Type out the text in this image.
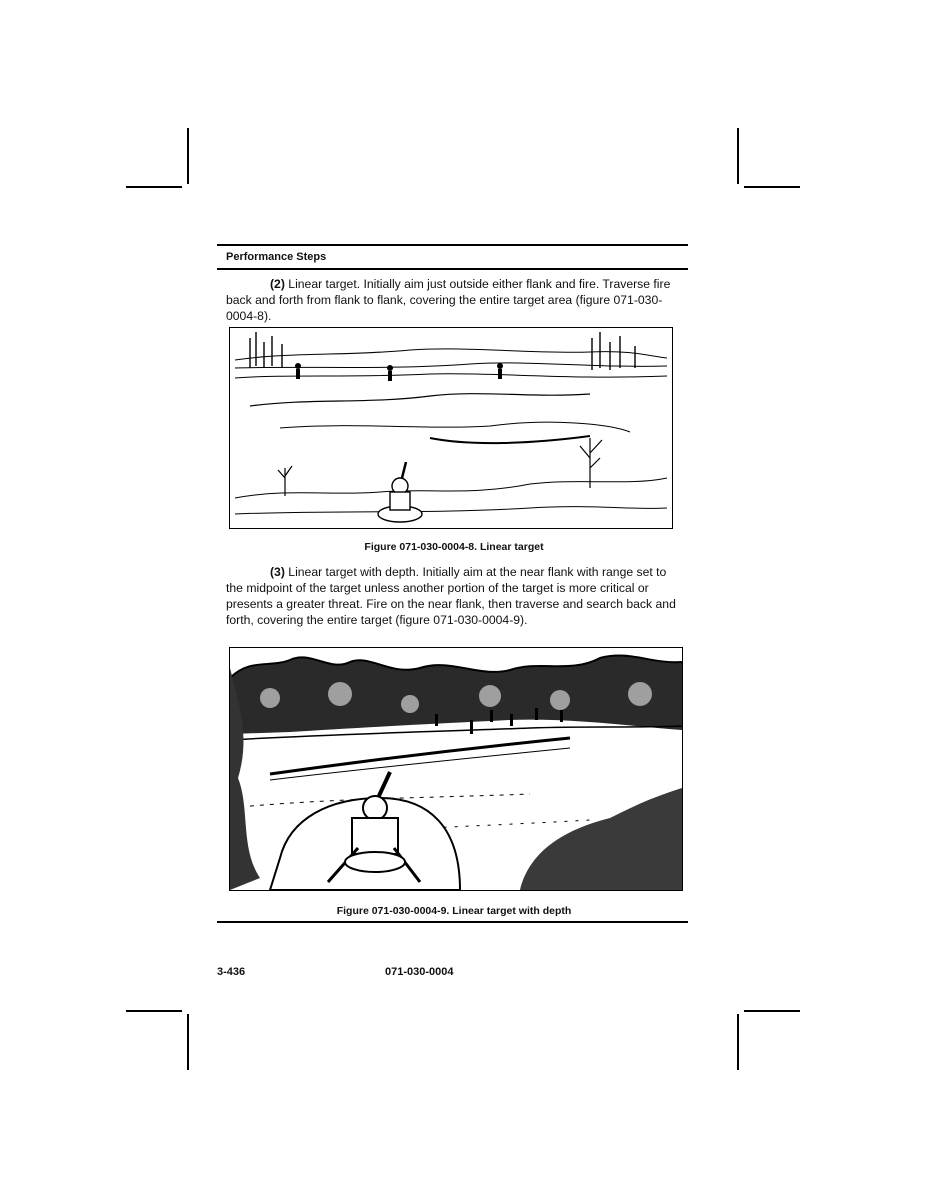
Performance Steps

(2) Linear target. Initially aim just outside either flank and fire. Traverse fire back and forth from flank to flank, covering the entire target area (figure 071-030-0004-8).

Figure 071-030-0004-8. Linear target

(3) Linear target with depth. Initially aim at the near flank with range set to the midpoint of the target unless another portion of the target is more critical or presents a greater threat. Fire on the near flank, then traverse and search back and forth, covering the entire target (figure 071-030-0004-9).

Figure 071-030-0004-9. Linear target with depth
3-436	071-030-0004
